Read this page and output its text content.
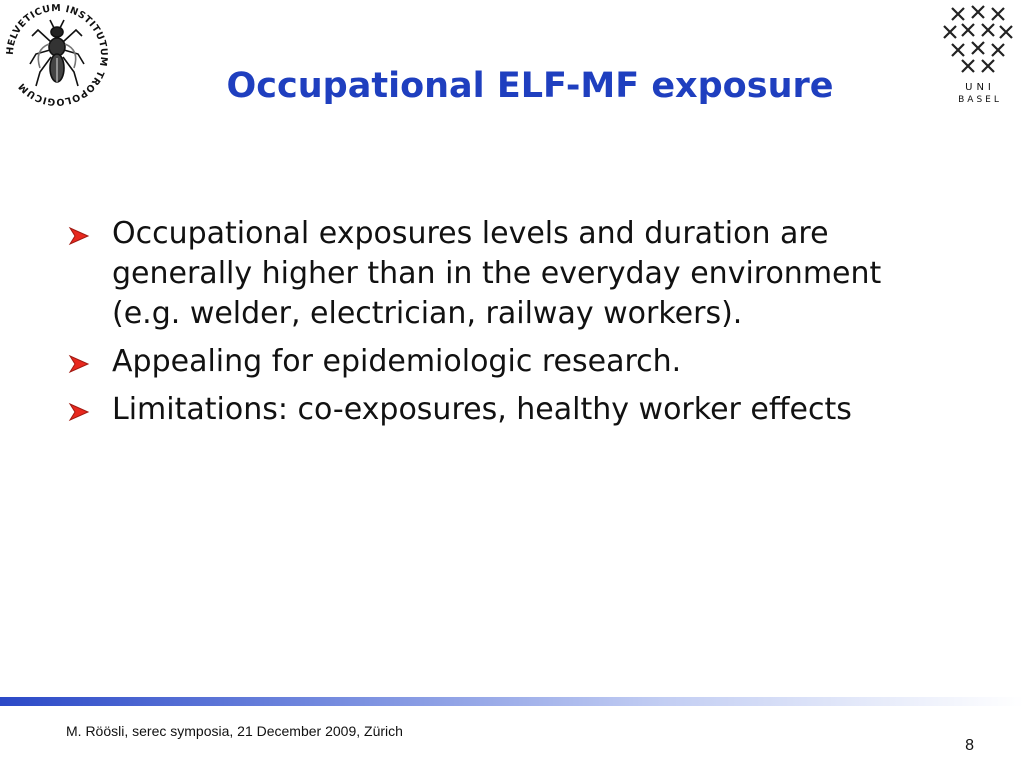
HELVETICUM INSTITUTUM TROPOLOGICUM	UNI
BASEL
Occupational ELF-MF exposure
Occupational exposures levels and duration are generally higher than in the everyday environment (e.g. welder, electrician, railway workers).
Appealing for epidemiologic research.
Limitations: co-exposures, healthy worker effects
M. Röösli, serec symposia, 21 December 2009, Zürich
8
